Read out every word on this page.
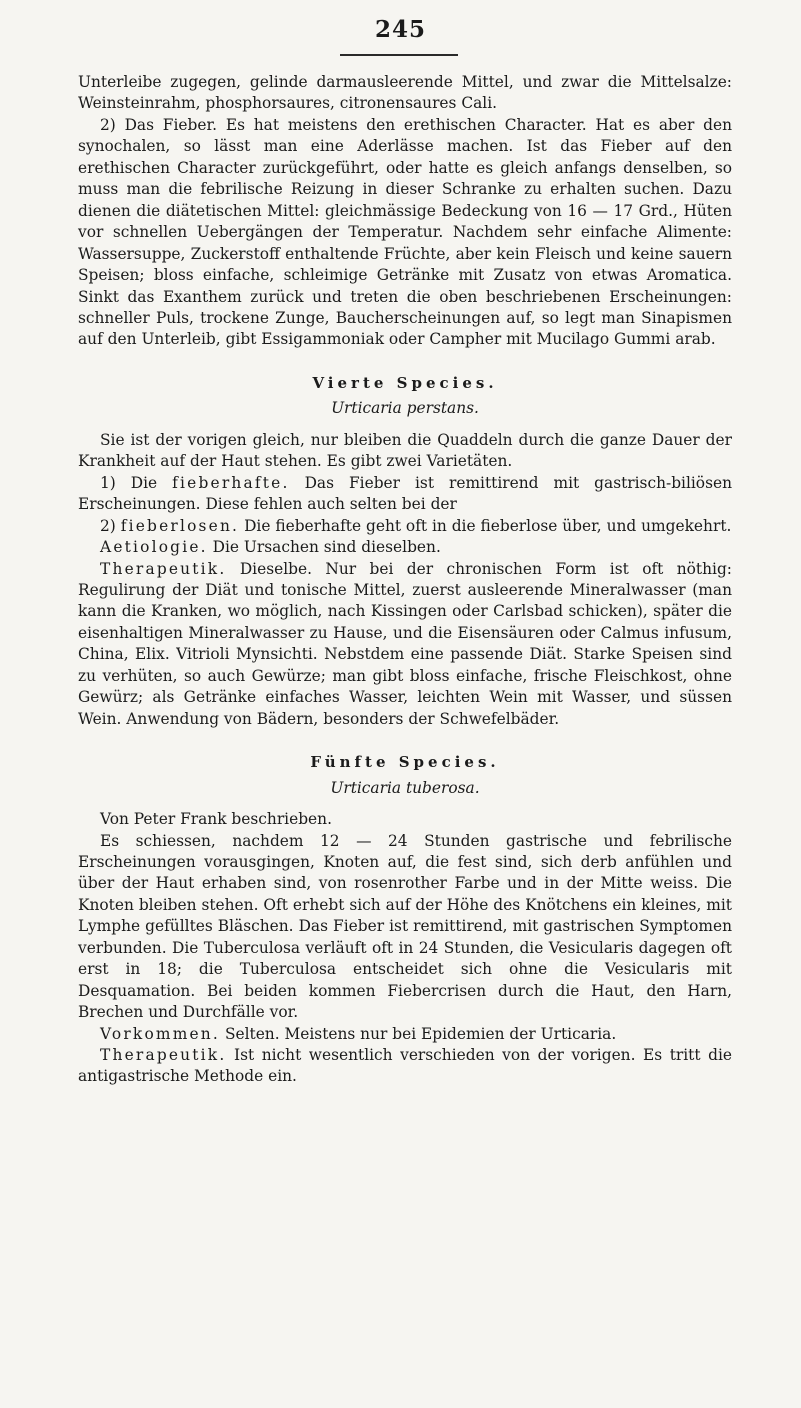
245

Unterleibe zugegen, gelinde darmausleerende Mittel, und zwar die Mittelsalze: Weinsteinrahm, phosphorsaures, citronensaures Cali.

2) Das Fieber. Es hat meistens den erethischen Character. Hat es aber den synochalen, so lässt man eine Aderlässe machen. Ist das Fieber auf den erethischen Character zurückgeführt, oder hatte es gleich anfangs denselben, so muss man die febrilische Reizung in dieser Schranke zu erhalten suchen. Dazu dienen die diätetischen Mittel: gleichmässige Bedeckung von 16 — 17 Grd., Hüten vor schnellen Uebergängen der Temperatur. Nachdem sehr einfache Alimente: Wassersuppe, Zuckerstoff enthaltende Früchte, aber kein Fleisch und keine sauern Speisen; bloss einfache, schleimige Getränke mit Zusatz von etwas Aromatica. Sinkt das Exanthem zurück und treten die oben beschriebenen Erscheinungen: schneller Puls, trockene Zunge, Baucherscheinungen auf, so legt man Sinapismen auf den Unterleib, gibt Essigammoniak oder Campher mit Mucilago Gummi arab.

Vierte Species.
Urticaria perstans.

Sie ist der vorigen gleich, nur bleiben die Quaddeln durch die ganze Dauer der Krankheit auf der Haut stehen. Es gibt zwei Varietäten.

1) Die fieberhafte. Das Fieber ist remittirend mit gastrisch-biliösen Erscheinungen. Diese fehlen auch selten bei der

2) fieberlosen. Die fieberhafte geht oft in die fieberlose über, und umgekehrt.

Aetiologie. Die Ursachen sind dieselben.

Therapeutik. Dieselbe. Nur bei der chronischen Form ist oft nöthig: Regulirung der Diät und tonische Mittel, zuerst ausleerende Mineralwasser (man kann die Kranken, wo möglich, nach Kissingen oder Carlsbad schicken), später die eisenhaltigen Mineralwasser zu Hause, und die Eisensäuren oder Calmus infusum, China, Elix. Vitrioli Mynsichti. Nebstdem eine passende Diät. Starke Speisen sind zu verhüten, so auch Gewürze; man gibt bloss einfache, frische Fleischkost, ohne Gewürz; als Getränke einfaches Wasser, leichten Wein mit Wasser, und süssen Wein. Anwendung von Bädern, besonders der Schwefelbäder.

Fünfte Species.
Urticaria tuberosa.

Von Peter Frank beschrieben.

Es schiessen, nachdem 12 — 24 Stunden gastrische und febrilische Erscheinungen vorausgingen, Knoten auf, die fest sind, sich derb anfühlen und über der Haut erhaben sind, von rosenrother Farbe und in der Mitte weiss. Die Knoten bleiben stehen. Oft erhebt sich auf der Höhe des Knötchens ein kleines, mit Lymphe gefülltes Bläschen. Das Fieber ist remittirend, mit gastrischen Symptomen verbunden. Die Tuberculosa verläuft oft in 24 Stunden, die Vesicularis dagegen oft erst in 18; die Tuberculosa entscheidet sich ohne die Vesicularis mit Desquamation. Bei beiden kommen Fiebercrisen durch die Haut, den Harn, Brechen und Durchfälle vor.

Vorkommen. Selten. Meistens nur bei Epidemien der Urticaria.

Therapeutik. Ist nicht wesentlich verschieden von der vorigen. Es tritt die antigastrische Methode ein.
